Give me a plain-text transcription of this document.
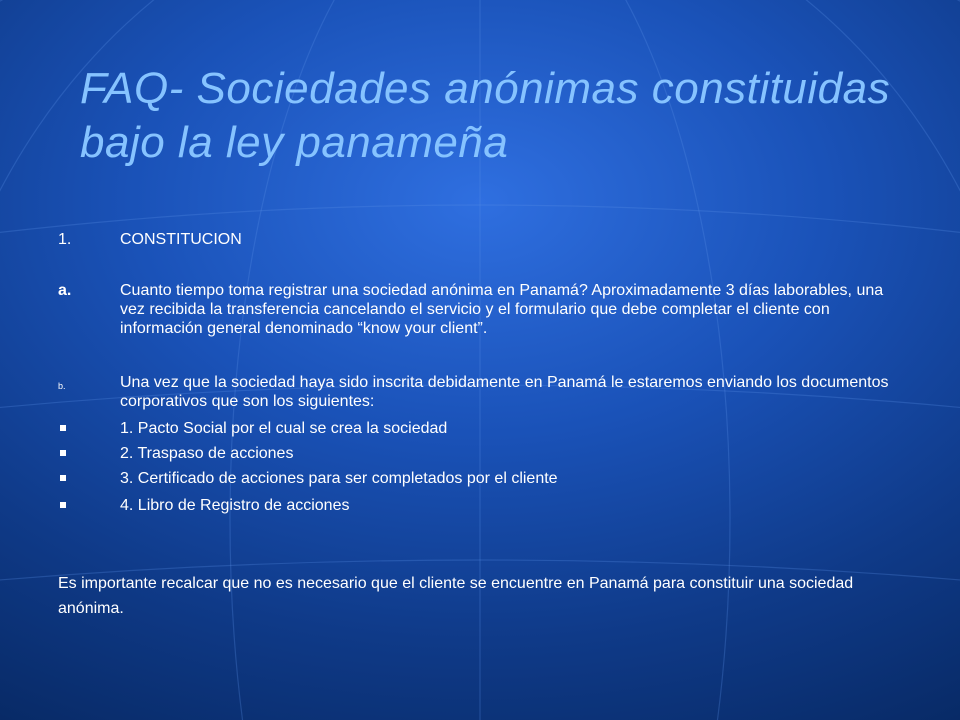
FAQ- Sociedades anónimas constituidas bajo la ley panameña
1.	CONSTITUCION
a.	Cuanto tiempo toma registrar una sociedad anónima en Panamá? Aproximadamente 3 días laborables, una vez recibida la transferencia cancelando el servicio y el formulario que debe completar el cliente con información general denominado “know your client”.
b.	Una vez que la sociedad haya sido inscrita debidamente en Panamá le estaremos enviando los documentos corporativos que son los siguientes:
1. Pacto Social por el cual se crea la sociedad
2. Traspaso de acciones
3. Certificado de acciones para ser completados por el cliente
4. Libro de Registro de acciones
Es importante recalcar que no es necesario que el cliente se encuentre en Panamá para constituir una sociedad anónima.
